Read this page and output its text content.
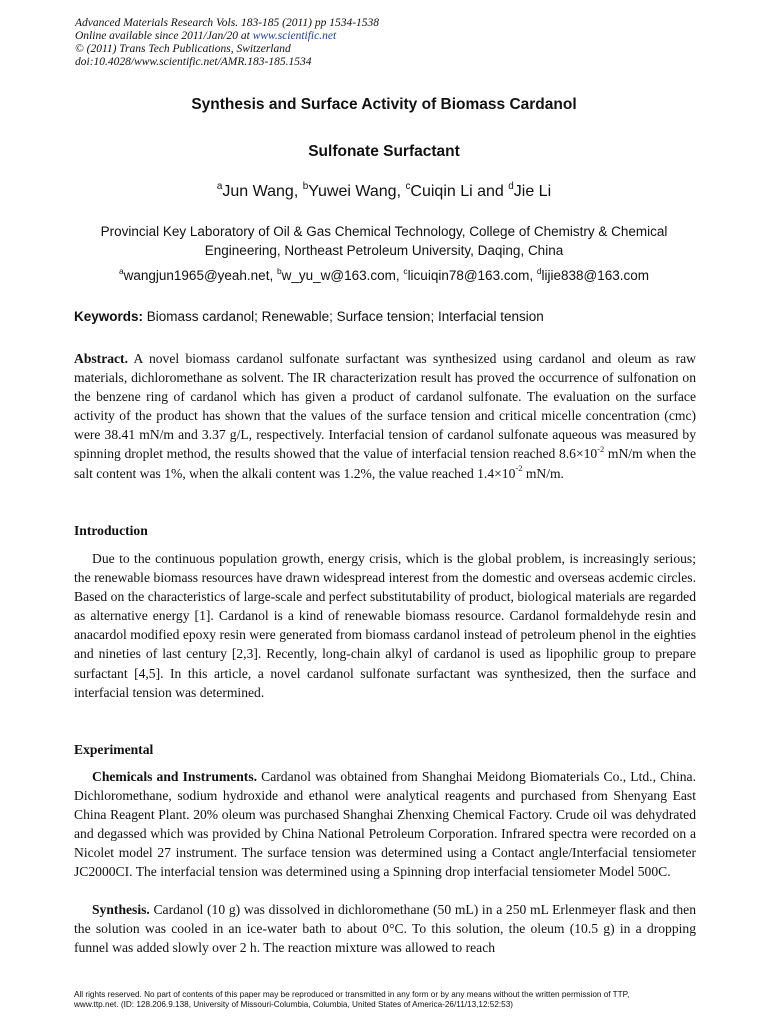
Advanced Materials Research Vols. 183-185 (2011) pp 1534-1538
Online available since 2011/Jan/20 at www.scientific.net
© (2011) Trans Tech Publications, Switzerland
doi:10.4028/www.scientific.net/AMR.183-185.1534
Synthesis and Surface Activity of Biomass Cardanol
Sulfonate Surfactant
$^a$Jun Wang, $^b$Yuwei Wang, $^c$Cuiqin Li and $^d$Jie Li
Provincial Key Laboratory of Oil & Gas Chemical Technology, College of Chemistry & Chemical Engineering, Northeast Petroleum University, Daqing, China
$^a$wangjun1965@yeah.net, $^b$w_yu_w@163.com, $^c$licuiqin78@163.com, $^d$lijie838@163.com
Keywords: Biomass cardanol; Renewable; Surface tension; Interfacial tension

Abstract. A novel biomass cardanol sulfonate surfactant was synthesized using cardanol and oleum as raw materials, dichloromethane as solvent. The IR characterization result has proved the occurrence of sulfonation on the benzene ring of cardanol which has given a product of cardanol sulfonate. The evaluation on the surface activity of the product has shown that the values of the surface tension and critical micelle concentration (cmc) were 38.41 mN/m and 3.37 g/L, respectively. Interfacial tension of cardanol sulfonate aqueous was measured by spinning droplet method, the results showed that the value of interfacial tension reached $8.6\times 10^{-2}$ mN/m when the salt content was 1%, when the alkali content was 1.2%, the value reached $1.4\times 10^{-2}$ mN/m.

Introduction

Due to the continuous population growth, energy crisis, which is the global problem, is increasingly serious; the renewable biomass resources have drawn widespread interest from the domestic and overseas acdemic circles. Based on the characteristics of large-scale and perfect substitutability of product, biological materials are regarded as alternative energy [1]. Cardanol is a kind of renewable biomass resource. Cardanol formaldehyde resin and anacardol modified epoxy resin were generated from biomass cardanol instead of petroleum phenol in the eighties and nineties of last century [2,3]. Recently, long-chain alkyl of cardanol is used as lipophilic group to prepare surfactant [4,5]. In this article, a novel cardanol sulfonate surfactant was synthesized, then the surface and interfacial tension was determined.

Experimental

Chemicals and Instruments. Cardanol was obtained from Shanghai Meidong Biomaterials Co., Ltd., China. Dichloromethane, sodium hydroxide and ethanol were analytical reagents and purchased from Shenyang East China Reagent Plant. 20% oleum was purchased Shanghai Zhenxing Chemical Factory. Crude oil was dehydrated and degassed which was provided by China National Petroleum Corporation. Infrared spectra were recorded on a Nicolet model 27 instrument. The surface tension was determined using a Contact angle/Interfacial tensiometer JC2000CI. The interfacial tension was determined using a Spinning drop interfacial tensiometer Model 500C.

Synthesis. Cardanol (10 g) was dissolved in dichloromethane (50 mL) in a 250 mL Erlenmeyer flask and then the solution was cooled in an ice-water bath to about 0°C. To this solution, the oleum (10.5 g) in a dropping funnel was added slowly over 2 h. The reaction mixture was allowed to reach

All rights reserved. No part of contents of this paper may be reproduced or transmitted in any form or by any means without the written permission of TTP,
www.ttp.net. (ID: 128.206.9.138, University of Missouri-Columbia, Columbia, United States of America-26/11/13,12:52:53)
